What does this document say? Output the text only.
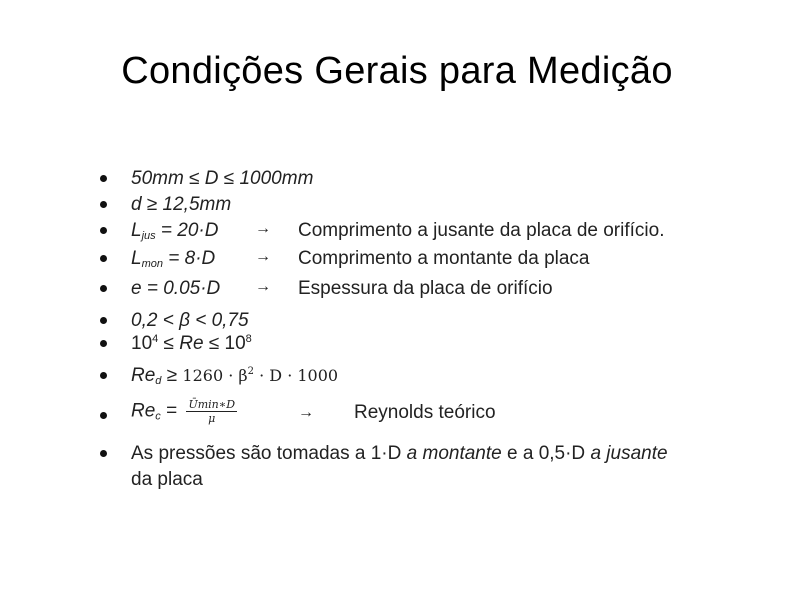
Condições Gerais para Medição
50mm ≤ D ≤ 1000mm
d ≥ 12,5mm
$L_{jus} = 20\cdot D$ → Comprimento a jusante da placa de orifício.
$L_{mon} = 8\cdot D$ → Comprimento a montante da placa
e = 0.05·D → Espessura da placa de orifício
0,2 < β < 0,75
$10^4 \le Re \le 10^8$
$Re_d \ge 1260 \cdot \beta^2 \cdot D \cdot 1000$
$Re_c = \frac{Ū\min∗D}{\mu}$	→ Reynolds teórico
As pressões são tomadas a 1·D a montante e a 0,5·D a jusante
da placa
